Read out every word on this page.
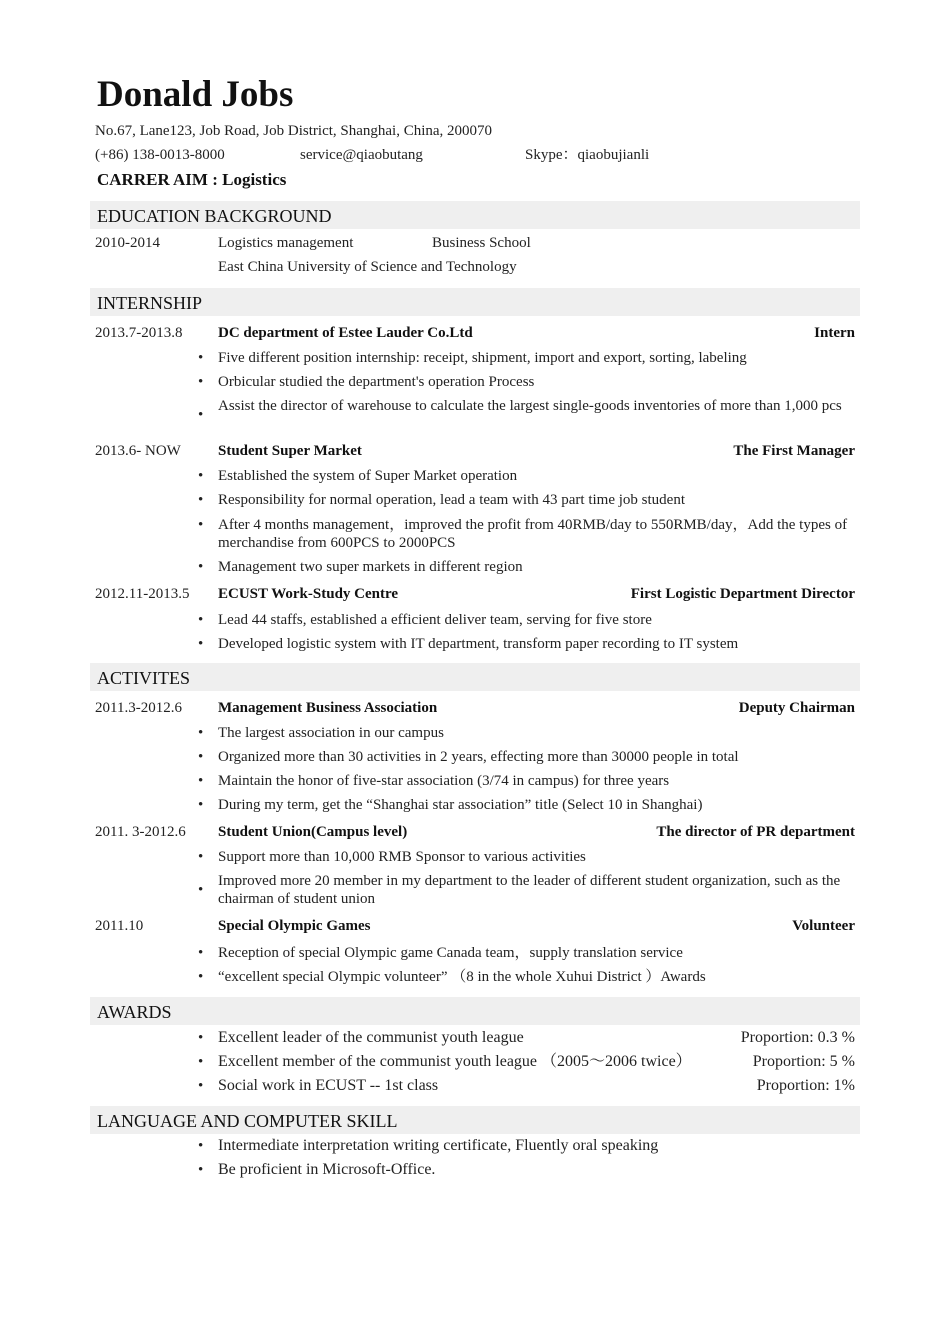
Donald Jobs
No.67, Lane123, Job Road, Job District, Shanghai, China, 200070
(+86) 138-0013-8000	service@qiaobutang	Skype：qiaobujianli
CARRER AIM : Logistics
EDUCATION BACKGROUND
2010-2014	Logistics management	Business School
East China University of Science and Technology
INTERNSHIP
2013.7-2013.8 DC department of Estee Lauder Co.Ltd	Intern
• Five different position internship: receipt, shipment, import and export, sorting, labeling
• Orbicular studied the department's operation Process
•
Assist the director of warehouse to calculate the largest single-goods inventories of more than 1,000 pcs
2013.6- NOW Student Super Market	The First Manager
• Established the system of Super Market operation
• Responsibility for normal operation, lead a team with 43 part time job student
• After 4 months management，improved the profit from 40RMB/day to 550RMB/day，Add the types of merchandise from 600PCS to 2000PCS
• Management two super markets in different region
2012.11-2013.5 ECUST Work-Study Centre	First Logistic Department Director
• Lead 44 staffs, established a efficient deliver team, serving for five store
• Developed logistic system with IT department, transform paper recording to IT system
ACTIVITES
2011.3-2012.6 Management Business Association	Deputy Chairman
• The largest association in our campus
• Organized more than 30 activities in 2 years, effecting more than 30000 people in total
• Maintain the honor of five-star association (3/74 in campus) for three years
• During my term, get the “Shanghai star association” title (Select 10 in Shanghai)
2011. 3-2012.6 Student Union(Campus level)	The director of PR department
• Support more than 10,000 RMB Sponsor to various activities
•
Improved more 20 member in my department to the leader of different student organization, such as the chairman of student union
2011.10	Special Olympic Games	Volunteer
• Reception of special Olympic game Canada team，supply translation service
• “excellent special Olympic volunteer” （8 in the whole Xuhui District ）Awards
AWARDS
• Excellent leader of the communist youth league	Proportion: 0.3 %
• Excellent member of the communist youth league （2005～2006 twice）	Proportion: 5 %
• Social work in ECUST -- 1st class	Proportion: 1%
LANGUAGE AND COMPUTER SKILL
• Intermediate interpretation writing certificate, Fluently oral speaking
• Be proficient in Microsoft-Office.
